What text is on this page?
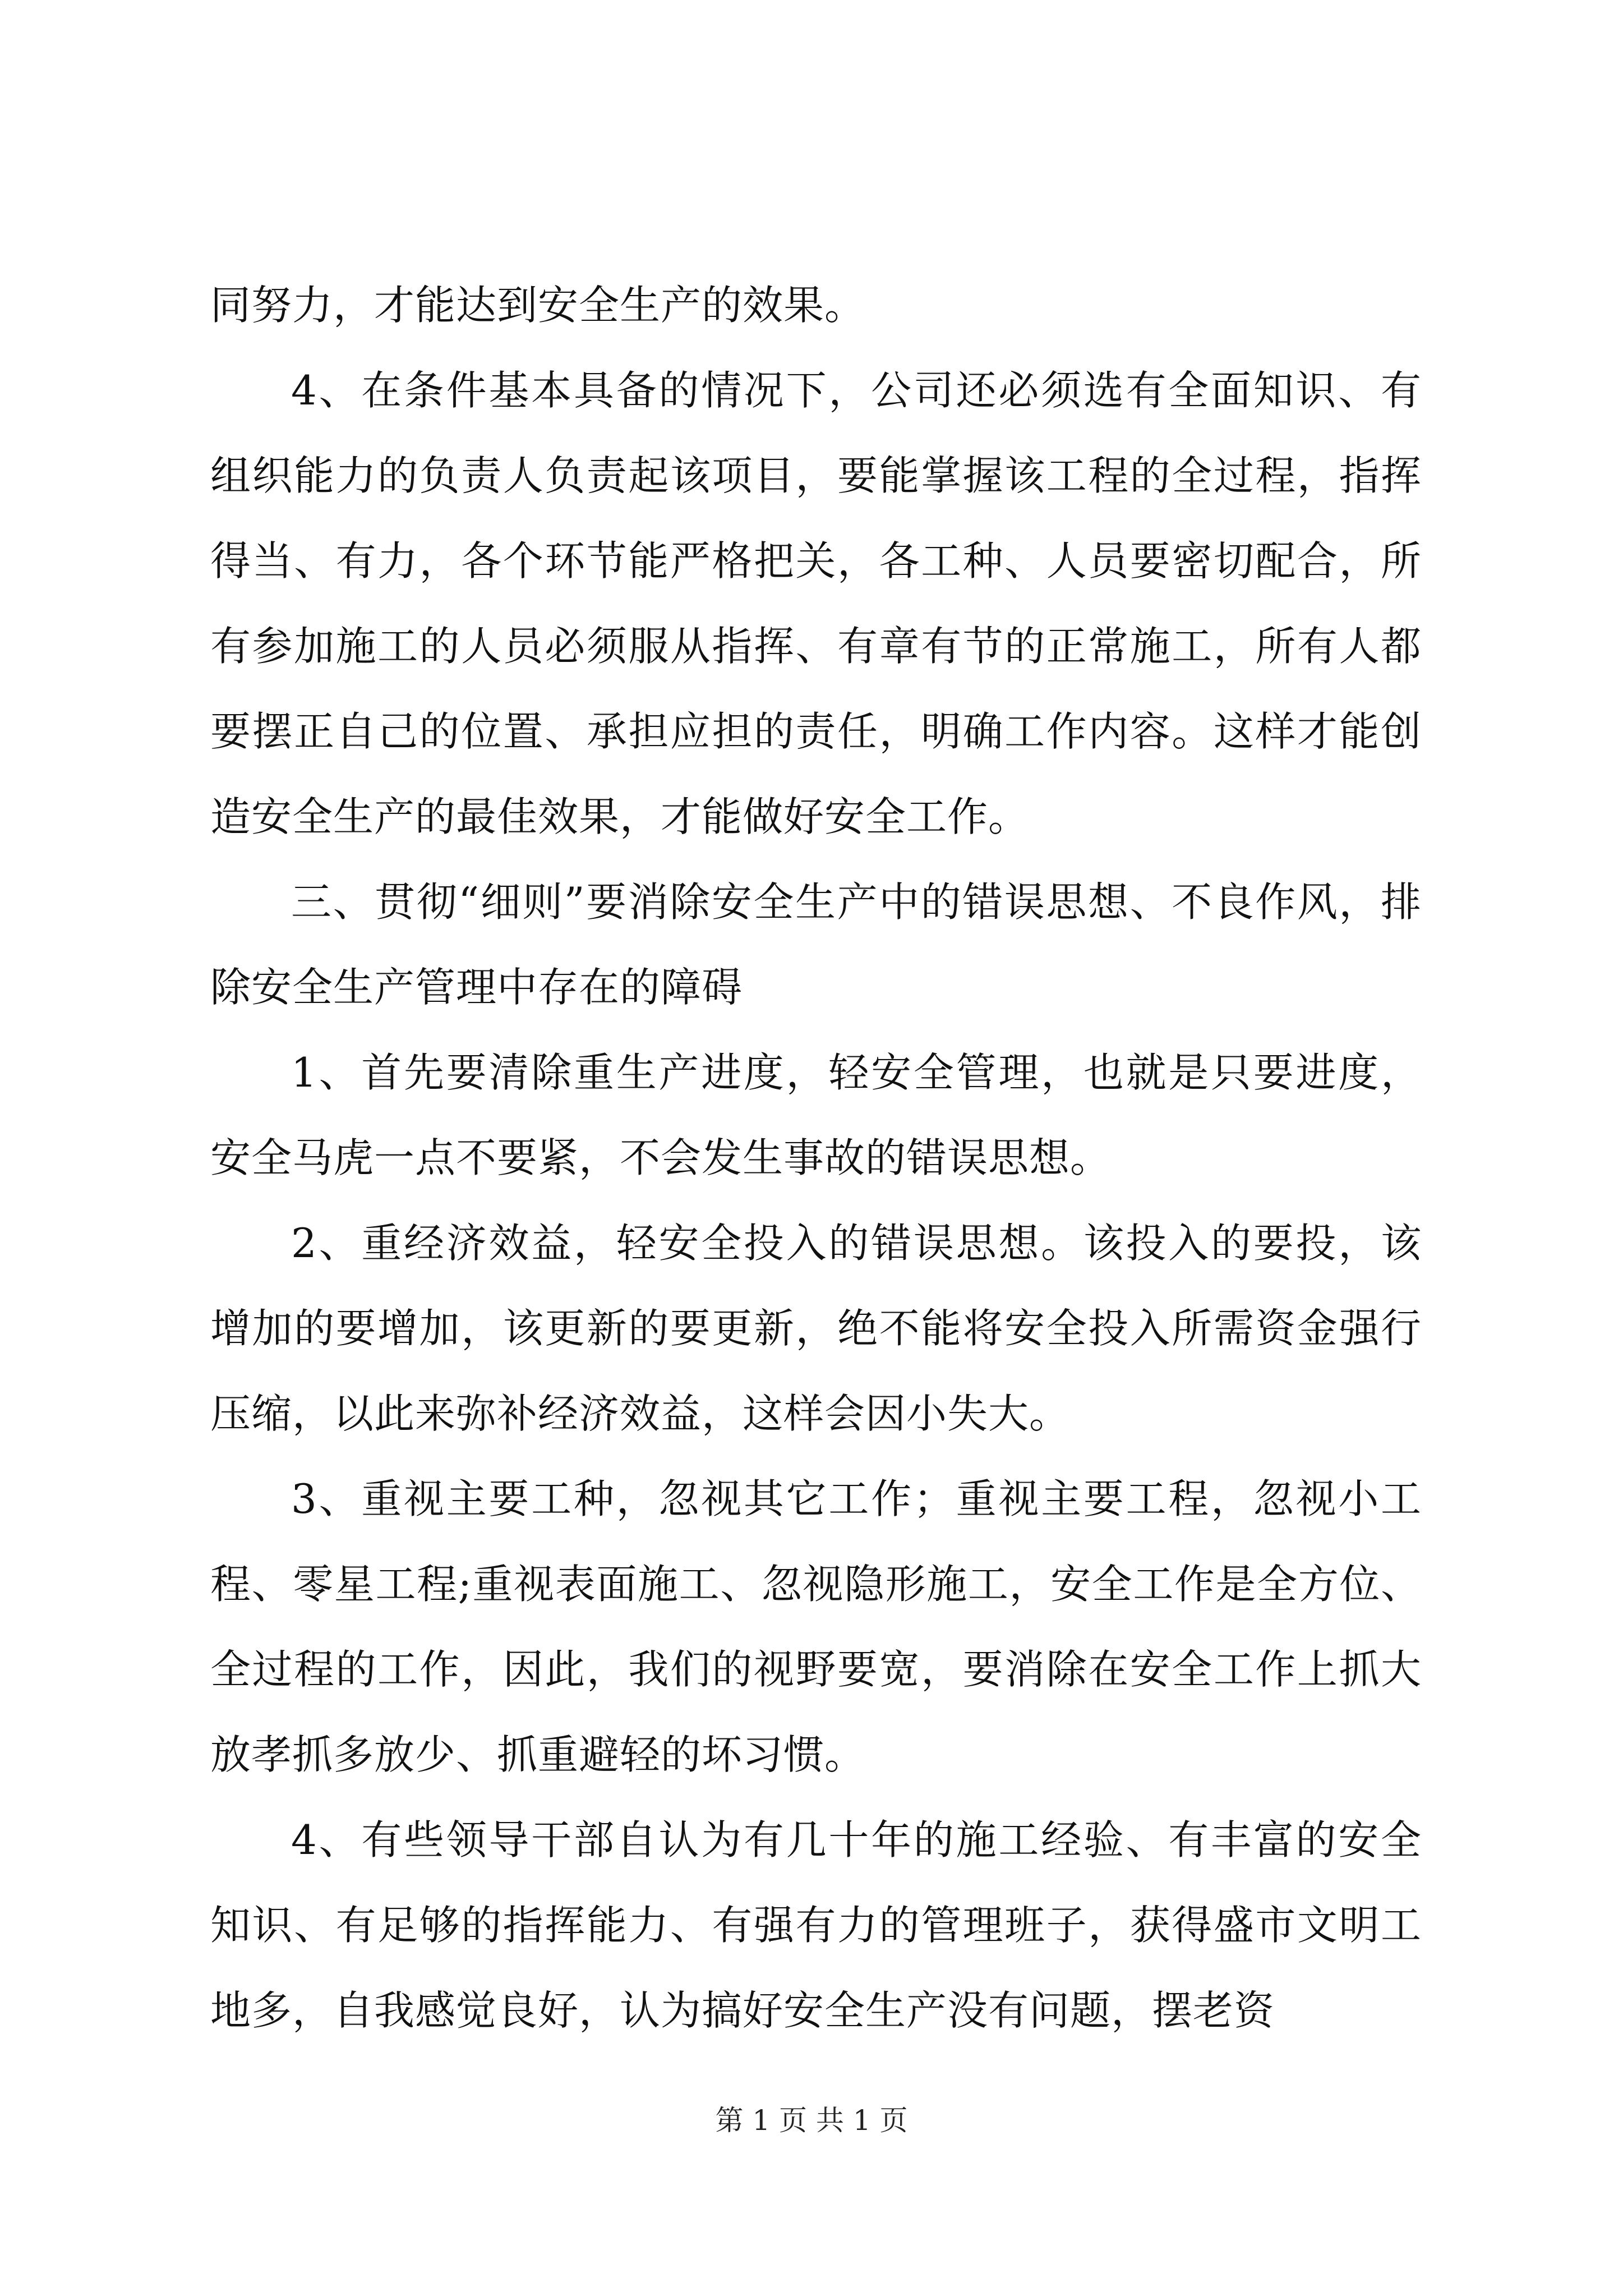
同努力，才能达到安全生产的效果。

4、在条件基本具备的情况下，公司还必须选有全面知识、有组织能力的负责人负责起该项目，要能掌握该工程的全过程，指挥得当、有力，各个环节能严格把关，各工种、人员要密切配合，所有参加施工的人员必须服从指挥、有章有节的正常施工，所有人都要摆正自己的位置、承担应担的责任，明确工作内容。这样才能创造安全生产的最佳效果，才能做好安全工作。

三、贯彻“细则”要消除安全生产中的错误思想、不良作风，排除安全生产管理中存在的障碍

1、首先要清除重生产进度，轻安全管理，也就是只要进度，安全马虎一点不要紧，不会发生事故的错误思想。

2、重经济效益，轻安全投入的错误思想。该投入的要投，该增加的要增加，该更新的要更新，绝不能将安全投入所需资金强行压缩，以此来弥补经济效益，这样会因小失大。

3、重视主要工种，忽视其它工作；重视主要工程，忽视小工程、零星工程;重视表面施工、忽视隐形施工，安全工作是全方位、全过程的工作，因此，我们的视野要宽，要消除在安全工作上抓大放孝抓多放少、抓重避轻的坏习惯。

4、有些领导干部自认为有几十年的施工经验、有丰富的安全知识、有足够的指挥能力、有强有力的管理班子，获得盛市文明工地多，自我感觉良好，认为搞好安全生产没有问题，摆老资

第 1 页 共 1 页
